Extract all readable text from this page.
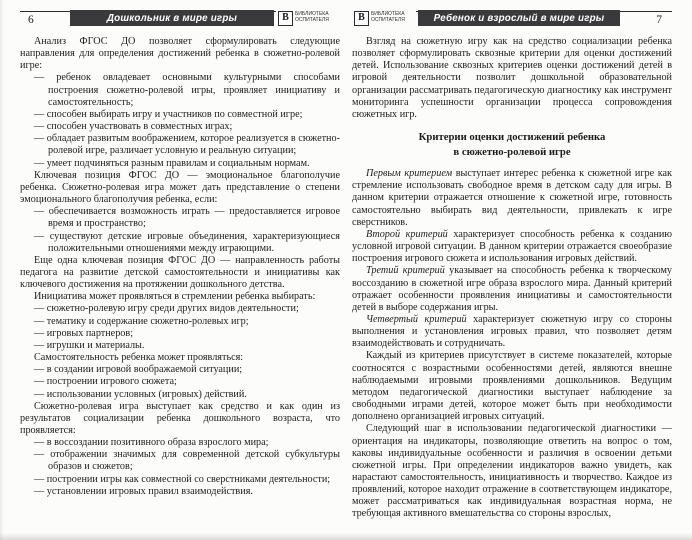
6	Дошкольник в мире игры	В	БИБЛИОТЕКА
ОСПИТАТЕЛЯ
Анализ ФГОС ДО позволяет сформулировать следующие направления для определения достижений ребенка в сюжетно-ролевой игре:
— ребенок овладевает основными культурными способами построения сюжетно-ролевой игры, проявляет инициативу и самостоятельность;
— способен выбирать игру и участников по совместной игре;
— способен участвовать в совместных играх;
— обладает развитым воображением, которое реализуется в сюжетно-ролевой игре, различает условную и реальную ситуации;
— умеет подчиняться разным правилам и социальным нормам.
Ключевая позиция ФГОС ДО — эмоциональное благополучие ребенка. Сюжетно-ролевая игра может дать представление о степени эмоционального благополучия ребенка, если:
— обеспечивается возможность играть — предоставляется игровое время и пространство;
— существуют детские игровые объединения, характеризующиеся положительными отношениями между играющими.
Еще одна ключевая позиция ФГОС ДО — направленность работы педагога на развитие детской самостоятельности и инициативы как ключевого достижения на протяжении дошкольного детства.
Инициатива может проявляться в стремлении ребенка выбирать:
— сюжетно-ролевую игру среди других видов деятельности;
— тематику и содержание сюжетно-ролевых игр;
— игровых партнеров;
— игрушки и материалы.
Самостоятельность ребенка может проявляться:
— в создании игровой воображаемой ситуации;
— построении игрового сюжета;
— использовании условных (игровых) действий.
Сюжетно-ролевая игра выступает как средство и как один из результатов социализации ребенка дошкольного возраста, что проявляется:
— в воссоздании позитивного образа взрослого мира;
— отображении значимых для современной детской субкультуры образов и сюжетов;
— построении игры как совместной со сверстниками деятельности;
— установлении игровых правил взаимодействия.
В	БИБЛИОТЕКА
ОСПИТАТЕЛЯ	Ребенок и взрослый в мире игры	7
Взгляд на сюжетную игру как на средство социализации ребенка позволяет сформулировать сквозные критерии для оценки достижений детей. Использование сквозных критериев оценки достижений детей в игровой деятельности позволит дошкольной образовательной организации рассматривать педагогическую диагностику как инструмент мониторинга успешности организации процесса сопровождения сюжетных игр.
Критерии оценки достижений ребенка
в сюжетно-ролевой игре
Первым критерием выступает интерес ребенка к сюжетной игре как стремление использовать свободное время в детском саду для игры. В данном критерии отражается отношение к сюжетной игре, готовность самостоятельно выбирать вид деятельности, привлекать к игре сверстников.
Второй критерий характеризует способность ребенка к созданию условной игровой ситуации. В данном критерии отражается своеобразие построения игрового сюжета и использования игровых действий.
Третий критерий указывает на способность ребенка к творческому воссозданию в сюжетной игре образа взрослого мира. Данный критерий отражает особенности проявления инициативы и самостоятельности детей в выборе содержания игры.
Четвертый критерий характеризует сюжетную игру со стороны выполнения и установления игровых правил, что позволяет детям взаимодействовать и сотрудничать.
Каждый из критериев присутствует в системе показателей, которые соотносятся с возрастными особенностями детей, являются внешне наблюдаемыми игровыми проявлениями дошкольников. Ведущим методом педагогической диагностики выступает наблюдение за свободными играми детей, которое может быть при необходимости дополнено организацией игровых ситуаций.
Следующий шаг в использовании педагогической диагностики — ориентация на индикаторы, позволяющие ответить на вопрос о том, каковы индивидуальные особенности и различия в освоении детьми сюжетной игры. При определении индикаторов важно увидеть, как нарастают самостоятельность, инициативность и творчество. Каждое из проявлений, которое находит отражение в соответствующем индикаторе, может рассматриваться как индивидуальная возрастная норма, не требующая активного вмешательства со стороны взрослых,
